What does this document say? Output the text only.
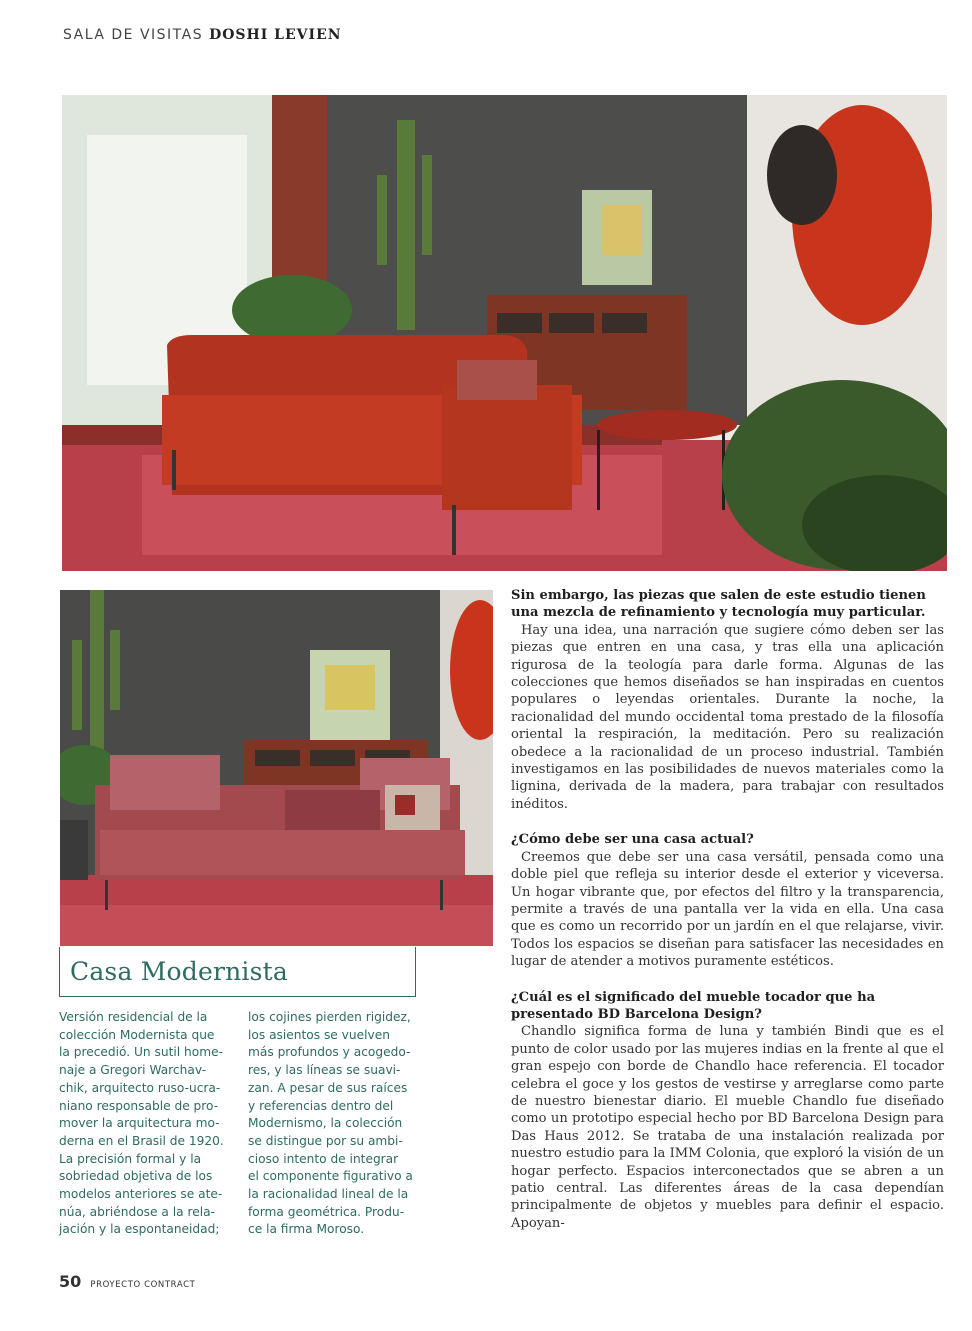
SALA DE VISITAS DOSHI LEVIEN
Casa Modernista

Versión residencial de la
colección Modernista que
la precedió. Un sutil home-
naje a Gregori Warchav-
chik, arquitecto ruso-ucra-
niano responsable de pro-
mover la arquitectura mo-
derna en el Brasil de 1920.
La precisión formal y la
sobriedad objetiva de los
modelos anteriores se ate-
núa, abriéndose a la rela-
jación y la espontaneidad;

los cojines pierden rigidez,
los asientos se vuelven
más profundos y acogedo-
res, y las líneas se suavi-
zan. A pesar de sus raíces
y referencias dentro del
Modernismo, la colección
se distingue por su ambi-
cioso intento de integrar
el componente figurativo a
la racionalidad lineal de la
forma geométrica. Produ-
ce la firma Moroso.

Sin embargo, las piezas que salen de este estudio tienen una mezcla de refinamiento y tecnología muy particular.
Hay una idea, una narración que sugiere cómo deben ser las piezas que entren en una casa, y tras ella una aplicación rigurosa de la teología para darle forma. Algunas de las colecciones que hemos diseñados se han inspiradas en cuentos populares o leyendas orientales. Durante la noche, la racionalidad del mundo occidental toma prestado de la filosofía oriental la respiración, la meditación. Pero su realización obedece a la racionalidad de un proceso industrial. También investigamos en las posibilidades de nuevos materiales como la lignina, derivada de la madera, para trabajar con resultados inéditos.
¿Cómo debe ser una casa actual?
Creemos que debe ser una casa versátil, pensada como una doble piel que refleja su interior desde el exterior y viceversa. Un hogar vibrante que, por efectos del filtro y la transparencia, permite a través de una pantalla ver la vida en ella. Una casa que es como un recorrido por un jardín en el que relajarse, vivir. Todos los espacios se diseñan para satisfacer las necesidades en lugar de atender a motivos puramente estéticos.
¿Cuál es el significado del mueble tocador que ha presentado BD Barcelona Design?
Chandlo significa forma de luna y también Bindi que es el punto de color usado por las mujeres indias en la frente al que el gran espejo con borde de Chandlo hace referencia. El tocador celebra el goce y los gestos de vestirse y arreglarse como parte de nuestro bienestar diario. El mueble Chandlo fue diseñado como un prototipo especial hecho por BD Barcelona Design para Das Haus 2012. Se trataba de una instalación realizada por nuestro estudio para la IMM Colonia, que exploró la visión de un hogar perfecto. Espacios interconectados que se abren a un patio central. Las diferentes áreas de la casa dependían principalmente de objetos y muebles para definir el espacio. Apoyan-
50 PROYECTO CONTRACT
